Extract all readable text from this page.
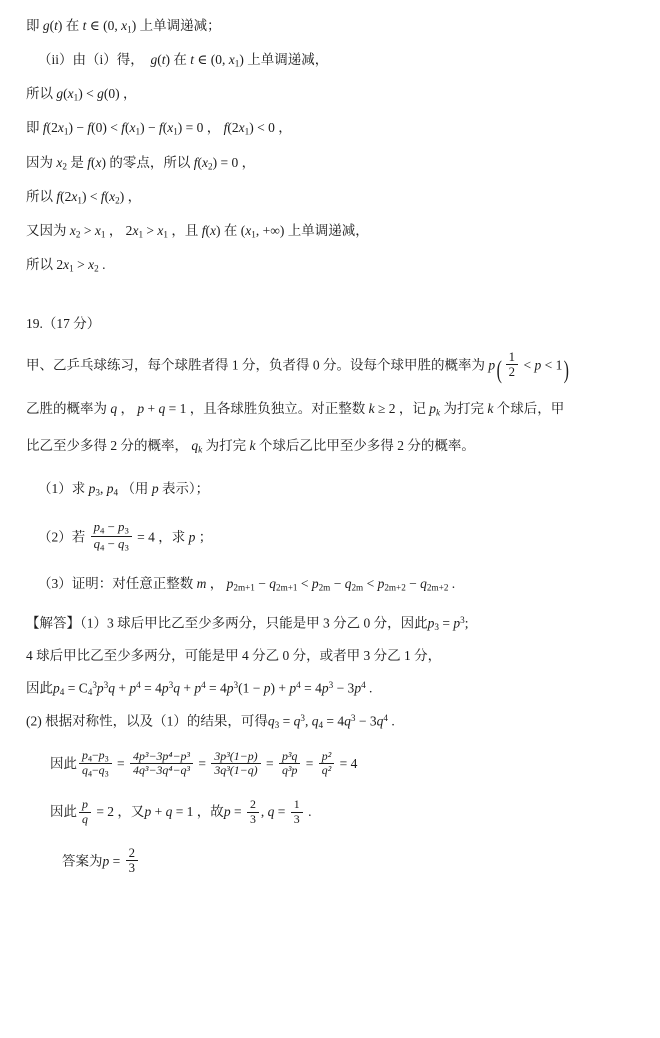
即 g(t) 在 t ∈ (0, $x_1$) 上单调递减；
（ii）由（i）得， g(t) 在 t ∈ (0, $x_1$) 上单调递减，
所以 $g(x_1) < g(0)$ ，
即 $f(2x_1) - f(0) < f(x_1) - f(x_1) = 0$ ， $f(2x_1) < 0$ ，
因为 $x_2$ 是 f(x) 的零点，所以 $f(x_2) = 0$ ，
所以 $f(2x_1) < f(x_2)$ ，
又因为 $x_2 > x_1$ ， $2x_1 > x_1$ ，且 f(x) 在 ($x_1$, +∞) 上单调递减，
所以 $2x_1 > x_2$ .
19.（17 分）
甲、乙乒乓球练习，每个球胜者得 1 分，负者得 0 分。设每个球甲胜的概率为 $p( \frac{1}{2} < p < 1)$
乙胜的概率为 q ， p + q = 1 ，且各球胜负独立。对正整数 k ≥ 2 ，记 $p_k$ 为打完 k 个球后，甲
比乙至少多得 2 分的概率， $q_k$ 为打完 k 个球后乙比甲至少多得 2 分的概率。
（1）求 $p_3$, $p_4$ （用 p 表示）；
（2）若 $\frac{p_4 - p_3}{q_4 - q_3} = 4$ ，求 p ；
（3）证明：对任意正整数 m ， $p_{2m+1} - q_{2m+1} < p_{2m} - q_{2m} < p_{2m+2} - q_{2m+2}$ .
【解答】（1）3 球后甲比乙至少多两分，只能是甲 3 分乙 0 分，因此$p_3 = p^3$;
4 球后甲比乙至少多两分，可能是甲 4 分乙 0 分，或者甲 3 分乙 1 分，
因此$p_4 = C_4^3p^3q + p^4 = 4p^3q + p^4 = 4p^3(1 - p) + p^4 = 4p^3 - 3p^4$ .
(2) 根据对称性，以及（1）的结果，可得$q_3 = q^3$, $q_4 = 4q^3 - 3q^4$ .
因此 $\frac{p_4-p_3}{q_4-q_3} = \frac{\text{4p³−3p⁴−p³}}{\text{4q³−3q⁴−q³}} = \frac{\text{3p³(1−p)}}{\text{3q³(1−q)}} = \frac{\text{p³q}}{\text{q³p}} = \frac{\text{p²}}{\text{q²}} = 4$
因此 $\frac{p}{q} = 2$ ，又p + q = 1 ，故$p = \frac{2}{3}$ , $q = \frac{1}{3}$ .
答案为$p = \frac{2}{3}$
